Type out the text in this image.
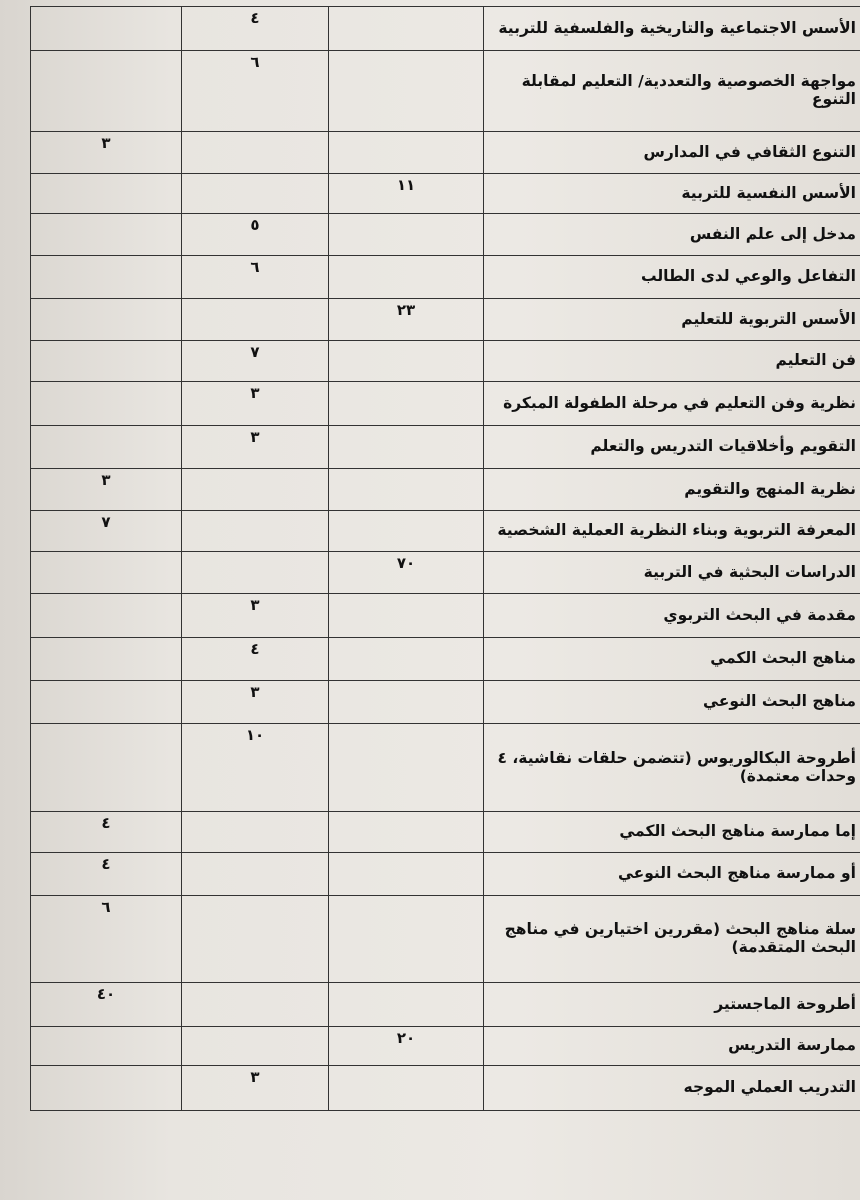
الأسس الاجتماعية والتاريخية والفلسفية للتربية		٤	

مواجهة الخصوصية والتعددية/ التعليم لمقابلة التنوع		٦	

التنوع الثقافي في المدارس			٣

الأسس النفسية للتربية	١١		

مدخل إلى علم النفس		٥	

التفاعل والوعي لدى الطالب		٦	

الأسس التربوية للتعليم	٢٣		

فن التعليم		٧	

نظرية وفن التعليم في مرحلة الطفولة المبكرة		٣	

التقويم وأخلاقيات التدريس والتعلم		٣	

نظرية المنهج والتقويم			٣

المعرفة التربوية وبناء النظرية العملية الشخصية			٧

الدراسات البحثية في التربية	٧٠		

مقدمة في البحث التربوي		٣	

مناهج البحث الكمي		٤	

مناهج البحث النوعي		٣	

أطروحة البكالوريوس (تتضمن حلقات نقاشية، ٤ وحدات معتمدة)		١٠	

إما ممارسة مناهج البحث الكمي			٤

أو ممارسة مناهج البحث النوعي			٤

سلة مناهج البحث (مقررين اختيارين في مناهج البحث المتقدمة)			٦

أطروحة الماجستير			٤٠

ممارسة التدريس	٢٠		

التدريب العملي الموجه		٣	
